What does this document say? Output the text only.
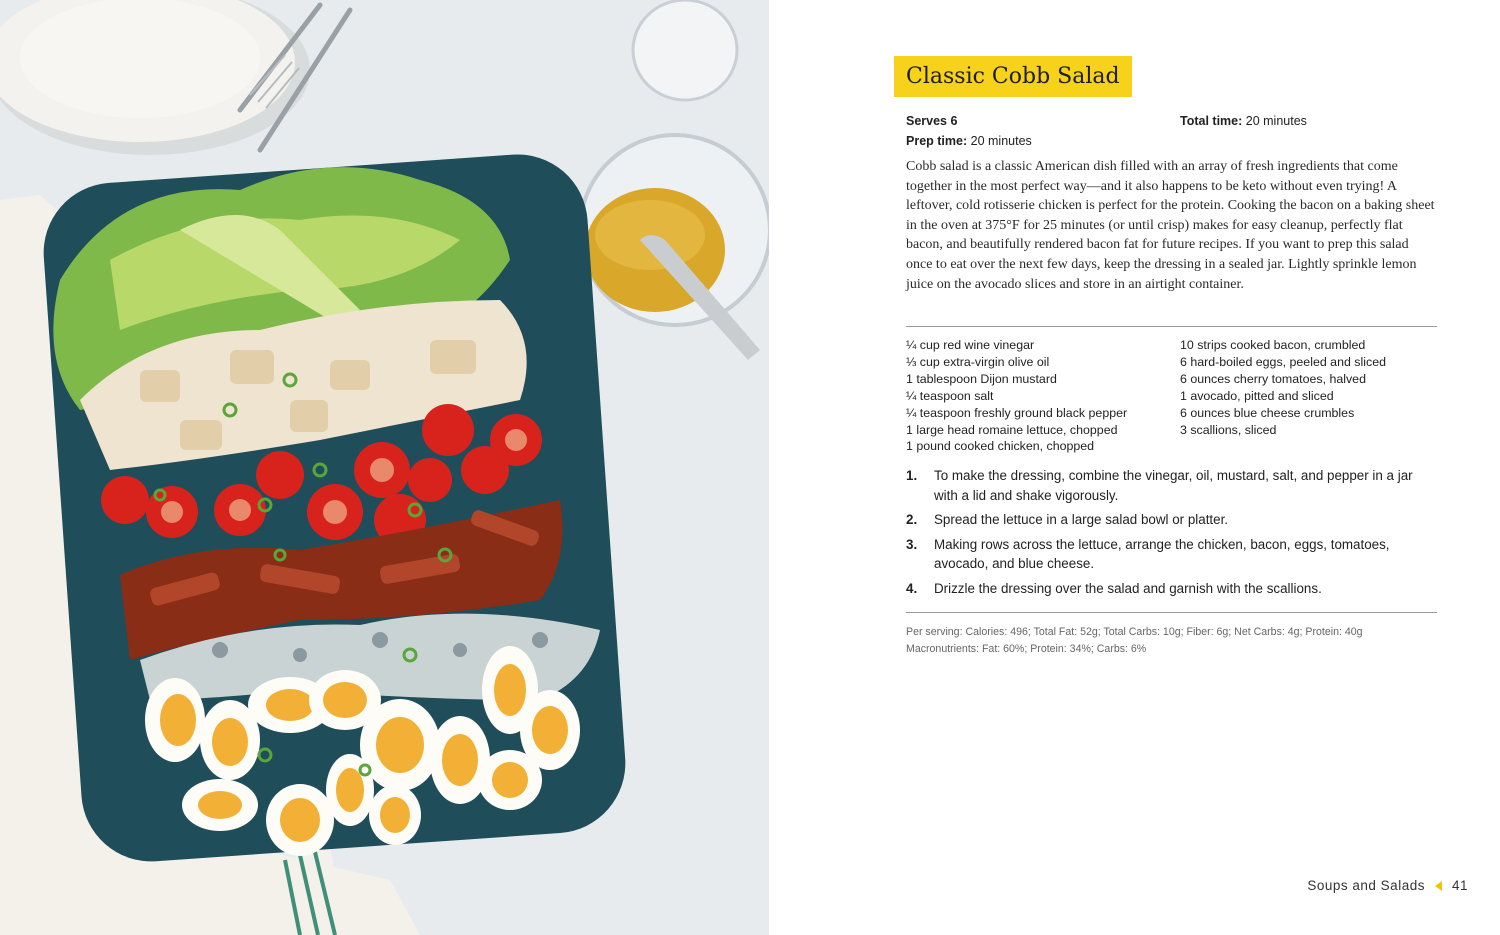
Classic Cobb Salad
Serves 6
Prep time: 20 minutes
Total time: 20 minutes
Cobb salad is a classic American dish filled with an array of fresh ingredients that come together in the most perfect way—and it also happens to be keto without even trying! A leftover, cold rotisserie chicken is perfect for the protein. Cooking the bacon on a baking sheet in the oven at 375°F for 25 minutes (or until crisp) makes for easy cleanup, perfectly flat bacon, and beautifully rendered bacon fat for future recipes. If you want to prep this salad once to eat over the next few days, keep the dressing in a sealed jar. Lightly sprinkle lemon juice on the avocado slices and store in an airtight container.
¼ cup red wine vinegar
⅓ cup extra-virgin olive oil
1 tablespoon Dijon mustard
¼ teaspoon salt
¼ teaspoon freshly ground black pepper
1 large head romaine lettuce, chopped
1 pound cooked chicken, chopped
10 strips cooked bacon, crumbled
6 hard-boiled eggs, peeled and sliced
6 ounces cherry tomatoes, halved
1 avocado, pitted and sliced
6 ounces blue cheese crumbles
3 scallions, sliced
1.	To make the dressing, combine the vinegar, oil, mustard, salt, and pepper in a jar with a lid and shake vigorously.
2.	Spread the lettuce in a large salad bowl or platter.
3.	Making rows across the lettuce, arrange the chicken, bacon, eggs, tomatoes, avocado, and blue cheese.
4.	Drizzle the dressing over the salad and garnish with the scallions.
Per serving: Calories: 496; Total Fat: 52g; Total Carbs: 10g; Fiber: 6g; Net Carbs: 4g; Protein: 40g
Macronutrients: Fat: 60%; Protein: 34%; Carbs: 6%
Soups and Salads 41
